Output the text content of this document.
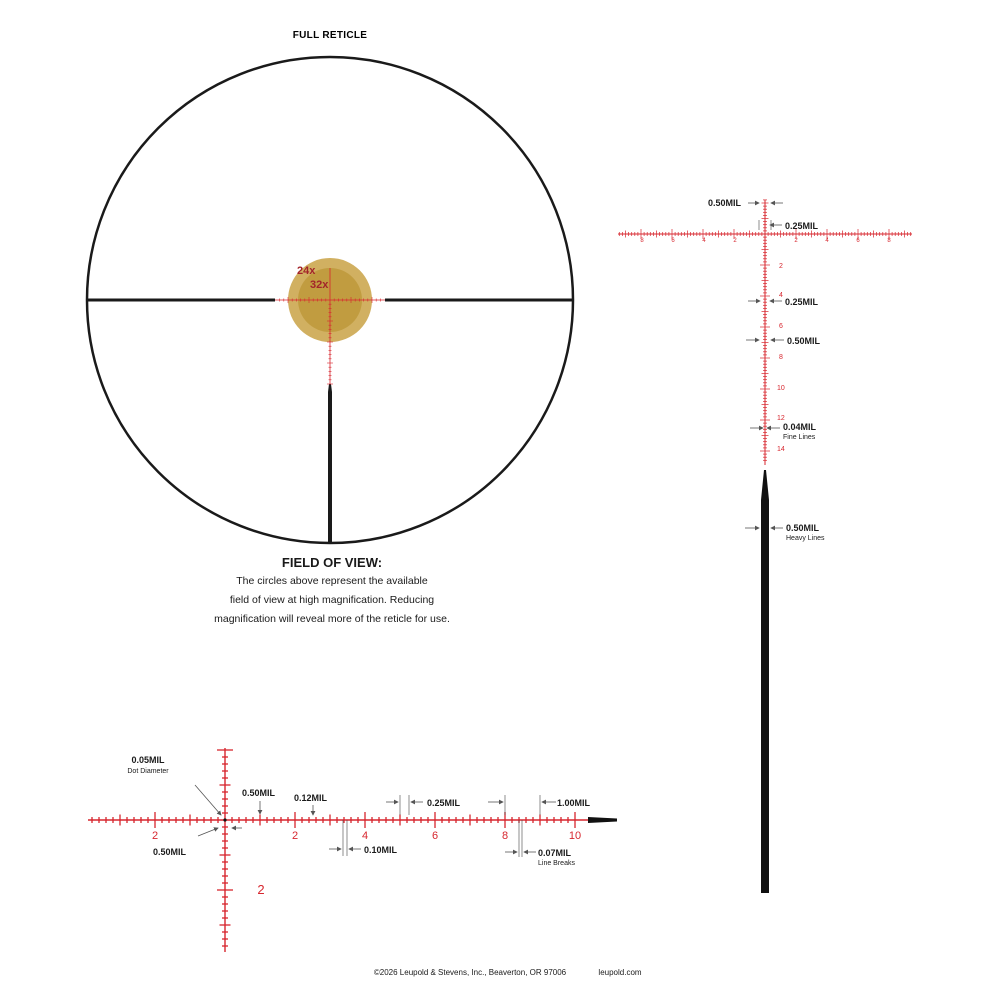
FULL RETICLE
24x
32x
FIELD OF VIEW:
The circles above represent the available
field of view at high magnification. Reducing
magnification will reveal more of the reticle for use.
8	6	4	2	2	4	6	8
2
4
6
8
10
12
14
0.50MIL
0.25MIL
0.25MIL
0.50MIL
0.04MIL
Fine Lines
0.50MIL
Heavy Lines
2	2	4	6	8	10
2
0.05MIL
Dot Diameter
0.50MIL
0.50MIL 0.12MIL
0.10MIL
0.25MIL	1.00MIL
0.07MIL
Line Breaks
©2026 Leupold & Stevens, Inc., Beaverton, OR 97006	leupold.com
